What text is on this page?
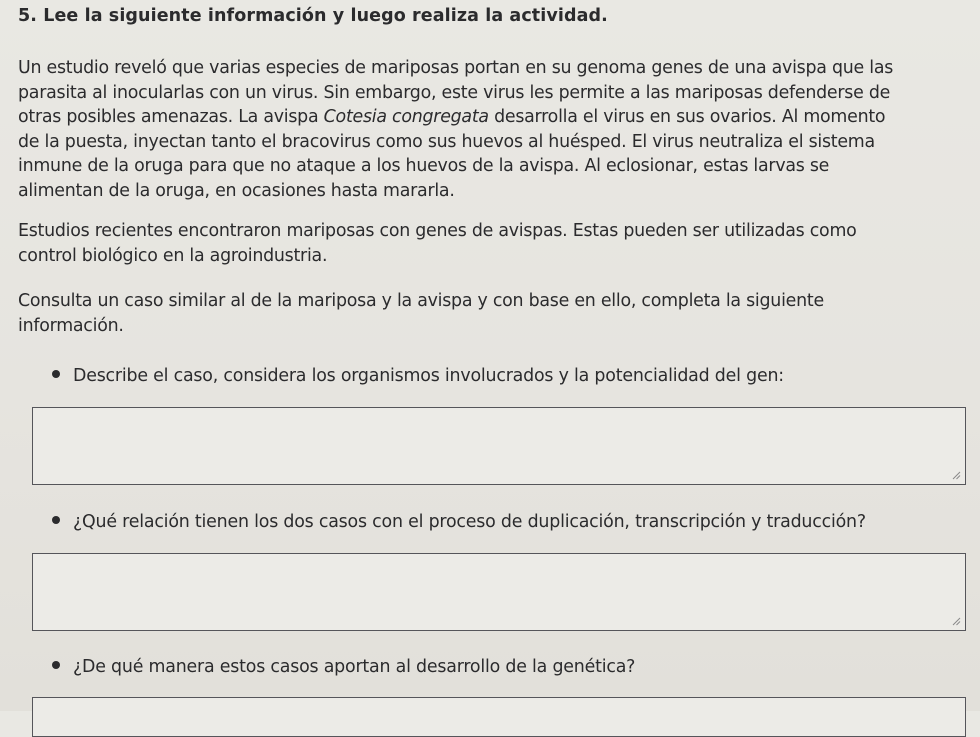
5. Lee la siguiente información y luego realiza la actividad.

Un estudio reveló que varias especies de mariposas portan en su genoma genes de una avispa que las
parasita al inocularlas con un virus. Sin embargo, este virus les permite a las mariposas defenderse de
otras posibles amenazas. La avispa Cotesia congregata desarrolla el virus en sus ovarios. Al momento
de la puesta, inyectan tanto el bracovirus como sus huevos al huésped. El virus neutraliza el sistema
inmune de la oruga para que no ataque a los huevos de la avispa. Al eclosionar, estas larvas se
alimentan de la oruga, en ocasiones hasta mararla.

Estudios recientes encontraron mariposas con genes de avispas. Estas pueden ser utilizadas como
control biológico en la agroindustria.

Consulta un caso similar al de la mariposa y la avispa y con base en ello, completa la siguiente
información.

Describe el caso, considera los organismos involucrados y la potencialidad del gen:
¿Qué relación tienen los dos casos con el proceso de duplicación, transcripción y traducción?
¿De qué manera estos casos aportan al desarrollo de la genética?
